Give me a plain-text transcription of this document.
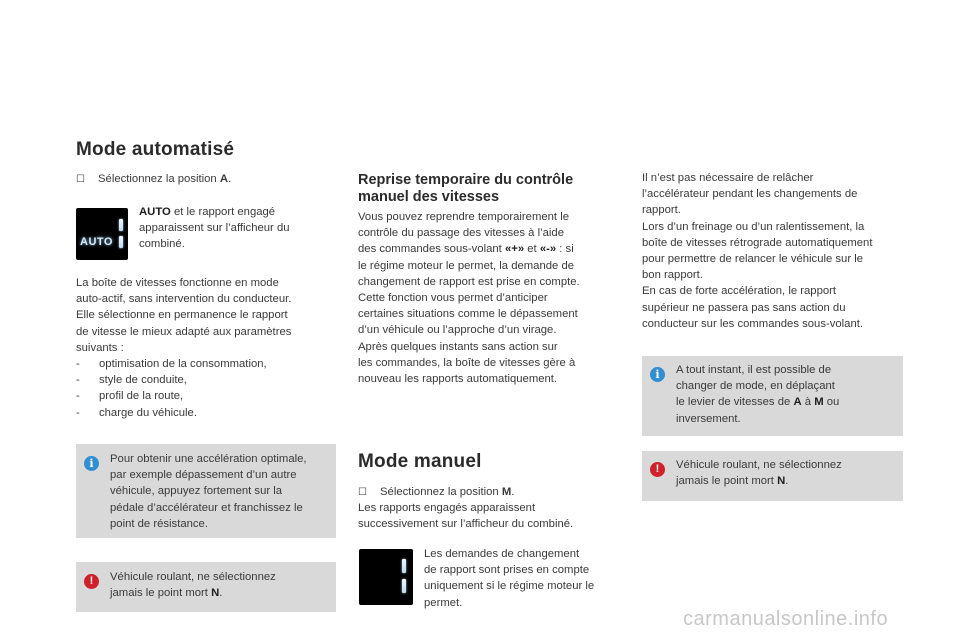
Mode automatisé
☐	Sélectionnez la position A.
AUTO
AUTO et le rapport engagé
apparaissent sur l’afficheur du
combiné.
La boîte de vitesses fonctionne en mode
auto-actif, sans intervention du conducteur.
Elle sélectionne en permanence le rapport
de vitesse le mieux adapté aux paramètres
suivants :
-	optimisation de la consommation,
-	style de conduite,
-	profil de la route,
-	charge du véhicule.
i	Pour obtenir une accélération optimale,
par exemple dépassement d’un autre
véhicule, appuyez fortement sur la
pédale d’accélérateur et franchissez le
point de résistance.
!	Véhicule roulant, ne sélectionnez
jamais le point mort N.
Reprise temporaire du contrôle
manuel des vitesses
Vous pouvez reprendre temporairement le
contrôle du passage des vitesses à l’aide
des commandes sous-volant «+» et «-» : si
le régime moteur le permet, la demande de
changement de rapport est prise en compte.
Cette fonction vous permet d’anticiper
certaines situations comme le dépassement
d’un véhicule ou l’approche d’un virage.
Après quelques instants sans action sur
les commandes, la boîte de vitesses gère à
nouveau les rapports automatiquement.
Mode manuel
☐	Sélectionnez la position M.
Les rapports engagés apparaissent
successivement sur l’afficheur du combiné.
Les demandes de changement
de rapport sont prises en compte
uniquement si le régime moteur le
permet.
Il n’est pas nécessaire de relâcher
l’accélérateur pendant les changements de
rapport.
Lors d’un freinage ou d’un ralentissement, la
boîte de vitesses rétrograde automatiquement
pour permettre de relancer le véhicule sur le
bon rapport.
En cas de forte accélération, le rapport
supérieur ne passera pas sans action du
conducteur sur les commandes sous-volant.
i	A tout instant, il est possible de
changer de mode, en déplaçant
le levier de vitesses de A à M ou
inversement.
!	Véhicule roulant, ne sélectionnez
jamais le point mort N.
carmanualsonline.info
